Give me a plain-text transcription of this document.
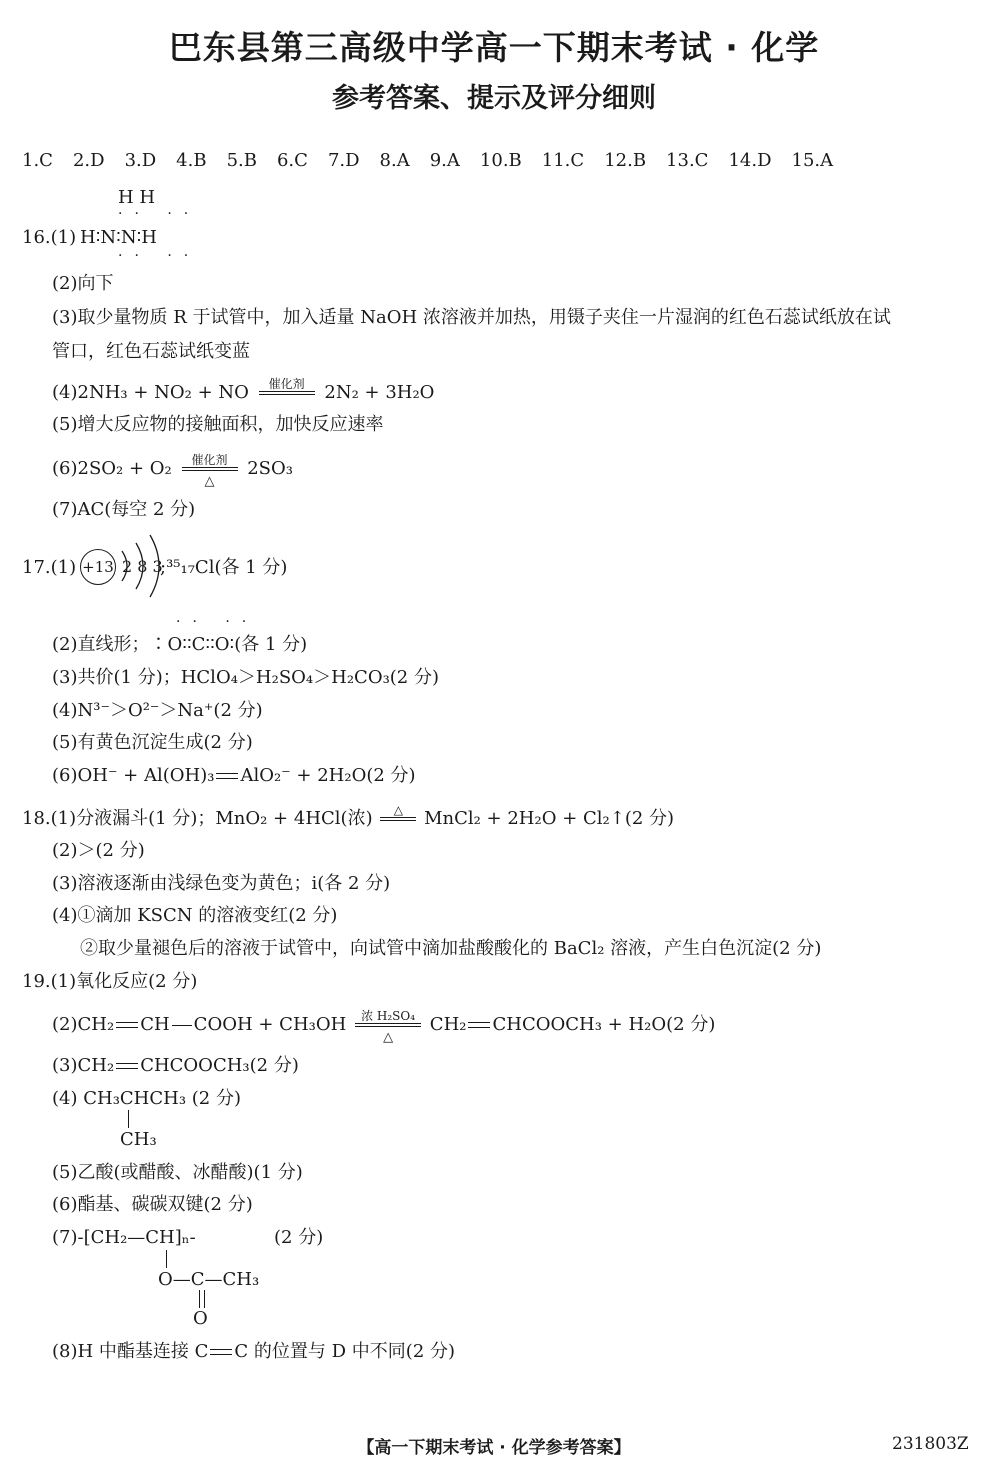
巴东县第三高级中学高一下期末考试 · 化学
参考答案、提示及评分细则
1.C 2.D 3.D 4.B 5.B 6.C 7.D 8.A 9.A 10.B 11.C 12.B 13.C 14.D 15.A
H H
·· ··
16.(1) H∶N∶N∶H
·· ··
(2)向下
(3)取少量物质 R 于试管中，加入适量 NaOH 浓溶液并加热，用镊子夹住一片湿润的红色石蕊试纸放在试
管口，红色石蕊试纸变蓝
(4)2NH₃ + NO₂ + NO	催化剂	2N₂ + 3H₂O
(5)增大反应物的接触面积，加快反应速率
(6)2SO₂ + O₂	催化剂
△
2SO₃
(7)AC(每空 2 分)
17.(1) +13 2 8 3
;³⁵₁₇Cl(各 1 分)
·· ··
(2)直线形；∶O∶∶C∶∶O∶(各 1 分)
(3)共价(1 分)；HClO₄＞H₂SO₄＞H₂CO₃(2 分)
(4)N³⁻＞O²⁻＞Na⁺(2 分)
(5)有黄色沉淀生成(2 分)
(6)OH⁻ + Al(OH)₃ AlO₂⁻ + 2H₂O(2 分)
18.(1)分液漏斗(1 分)；MnO₂ + 4HCl(浓)	△	MnCl₂ + 2H₂O + Cl₂↑(2 分)
(2)＞(2 分)
(3)溶液逐渐由浅绿色变为黄色；i(各 2 分)
(4)①滴加 KSCN 的溶液变红(2 分)
②取少量褪色后的溶液于试管中，向试管中滴加盐酸酸化的 BaCl₂ 溶液，产生白色沉淀(2 分)
19.(1)氧化反应(2 分)
(2)CH₂ CH COOH + CH₃OH	浓 H₂SO₄
△
CH₂ CHCOOCH₃ + H₂O(2 分)
(3)CH₂ CHCOOCH₃(2 分)
(4) CH₃CHCH₃ (2 分)
CH₃
(5)乙酸(或醋酸、冰醋酸)(1 分)
(6)酯基、碳碳双键(2 分)
(7)-[CH₂—CH]ₙ-	(2 分)
O—C—CH₃
O
(8)H 中酯基连接 C C 的位置与 D 中不同(2 分)
【高一下期末考试 · 化学参考答案】	231803Z
